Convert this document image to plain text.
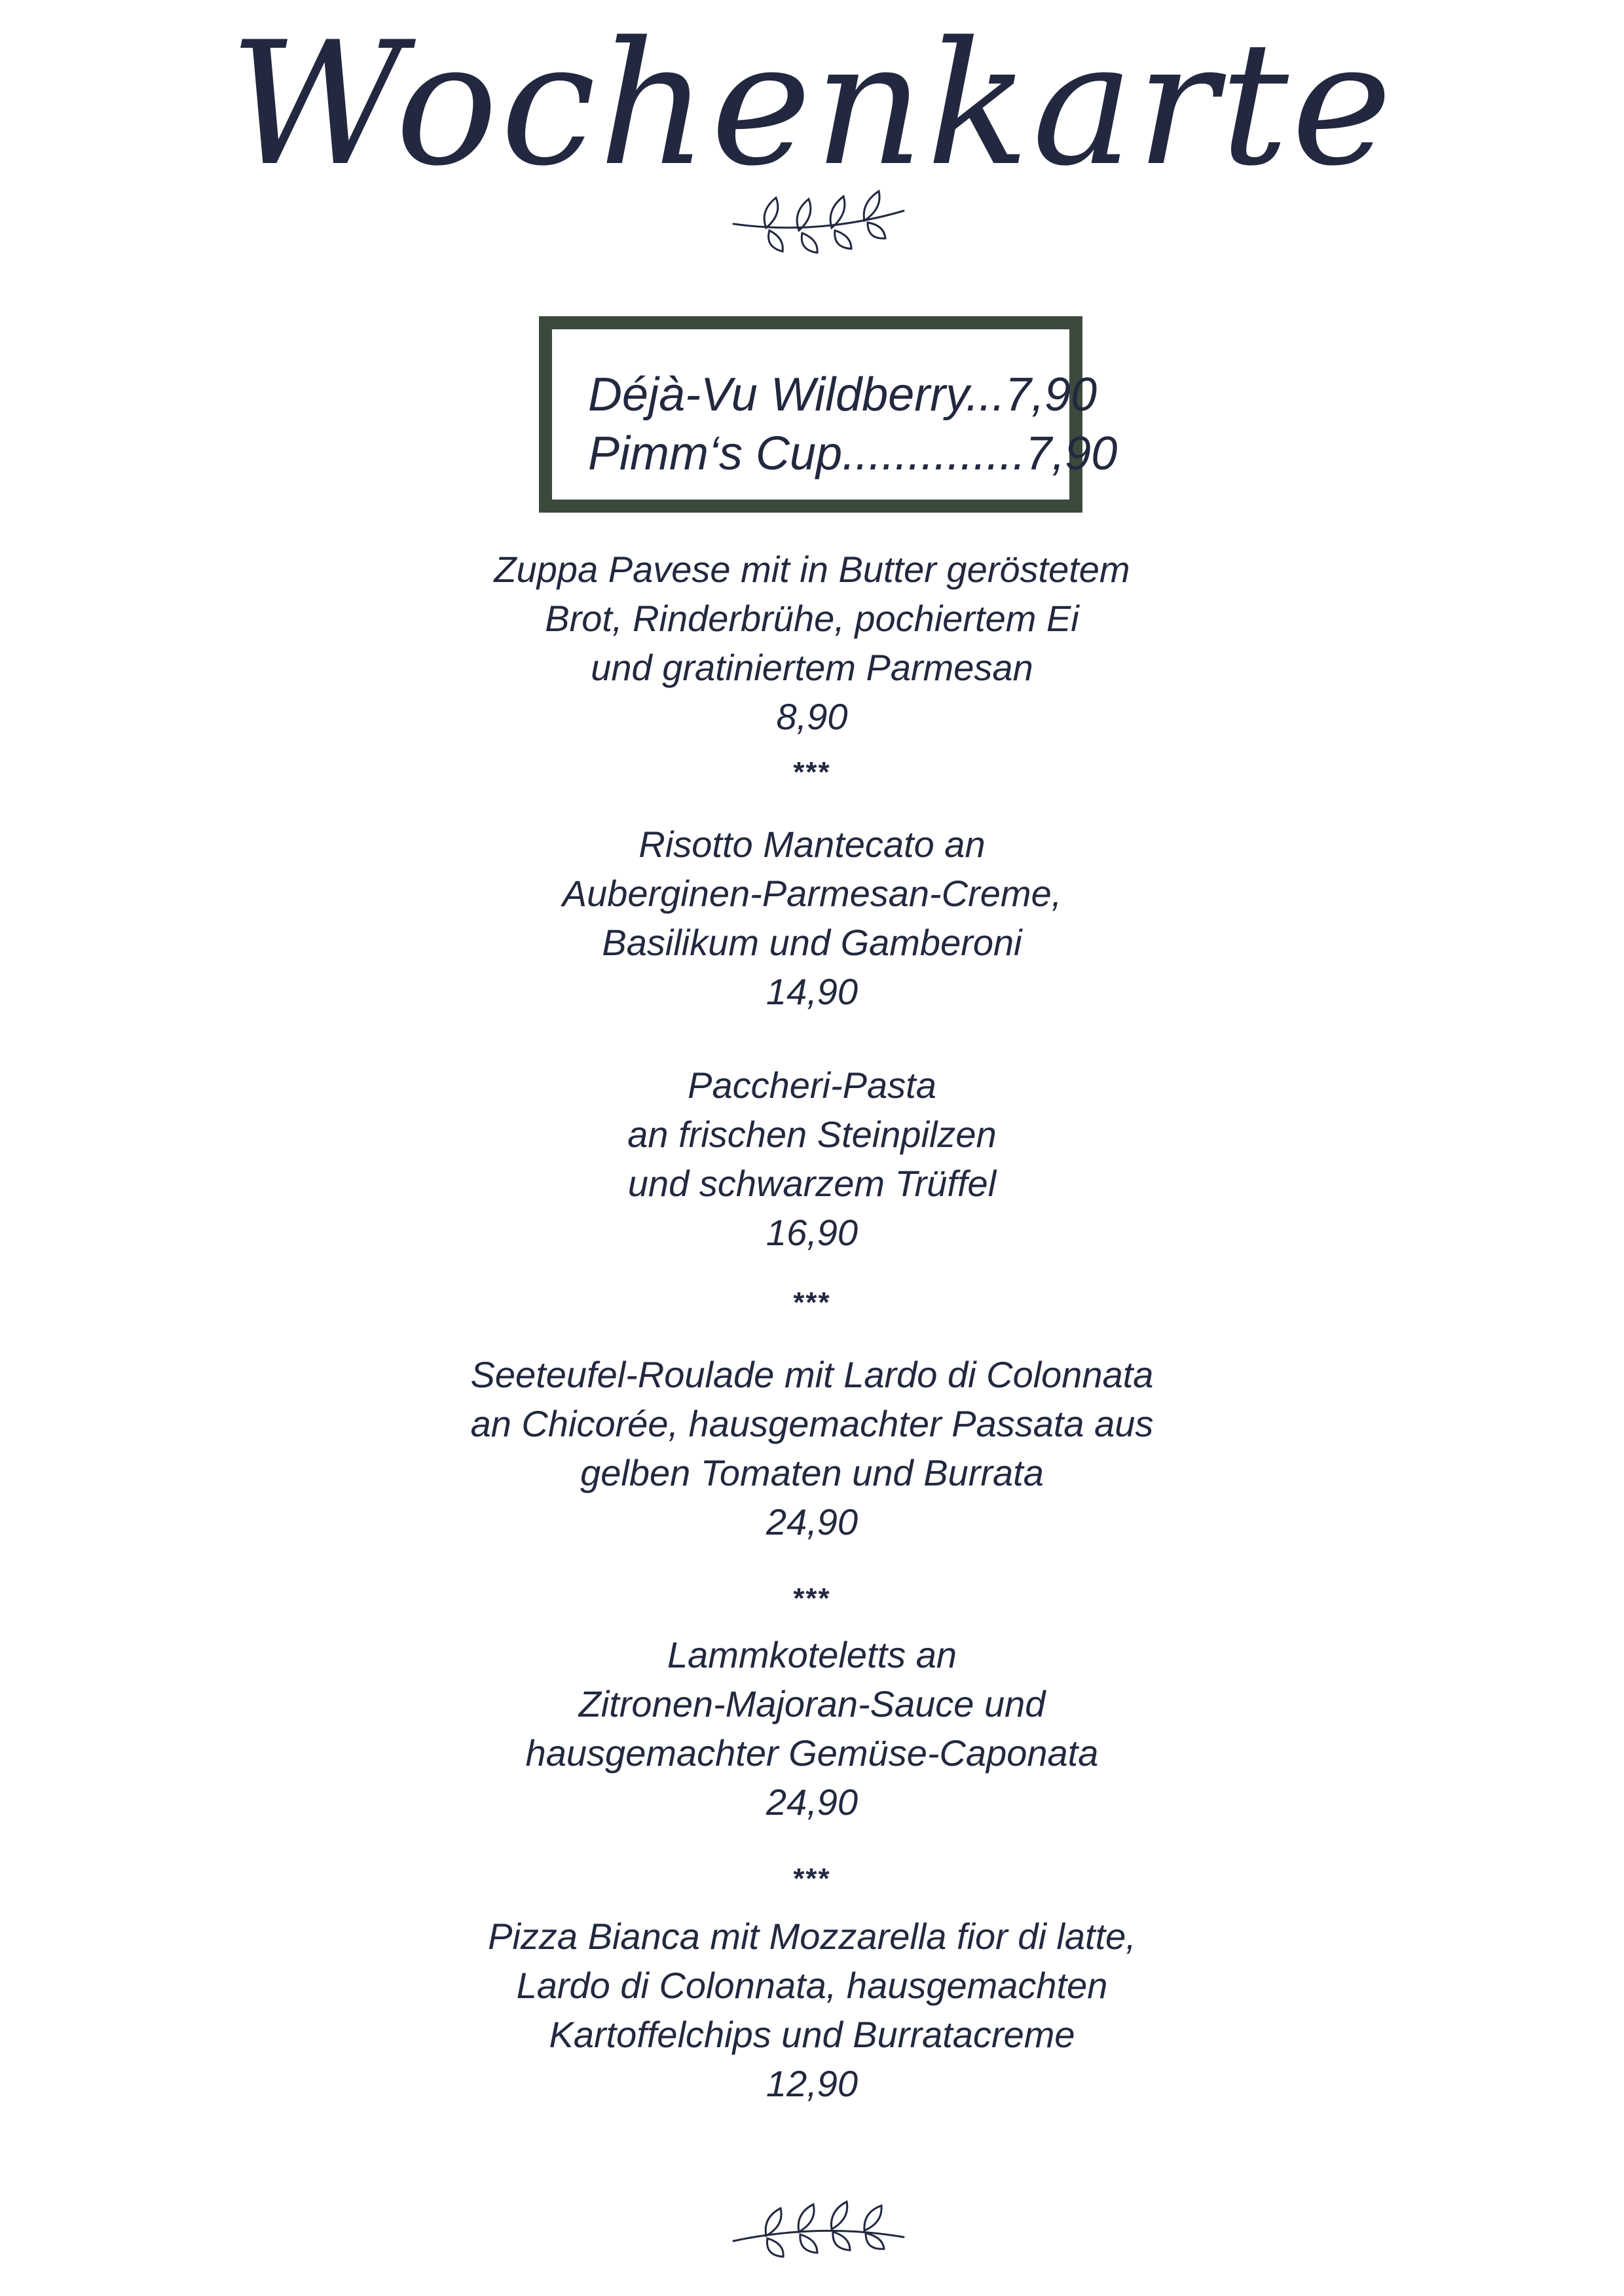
Wochenkarte
Déjà-Vu Wildberry...7,90
Pimm‘s Cup..............7,90
Zuppa Pavese mit in Butter geröstetem
Brot, Rinderbrühe, pochiertem Ei
und gratiniertem Parmesan
8,90
***
Risotto Mantecato an
Auberginen-Parmesan-Creme,
Basilikum und Gamberoni
14,90
Paccheri-Pasta
an frischen Steinpilzen
und schwarzem Trüffel
16,90
***
Seeteufel-Roulade mit Lardo di Colonnata
an Chicorée, hausgemachter Passata aus
gelben Tomaten und Burrata
24,90
***
Lammkoteletts an
Zitronen-Majoran-Sauce und
hausgemachter Gemüse-Caponata
24,90
***
Pizza Bianca mit Mozzarella fior di latte,
Lardo di Colonnata, hausgemachten
Kartoffelchips und Burratacreme
12,90
